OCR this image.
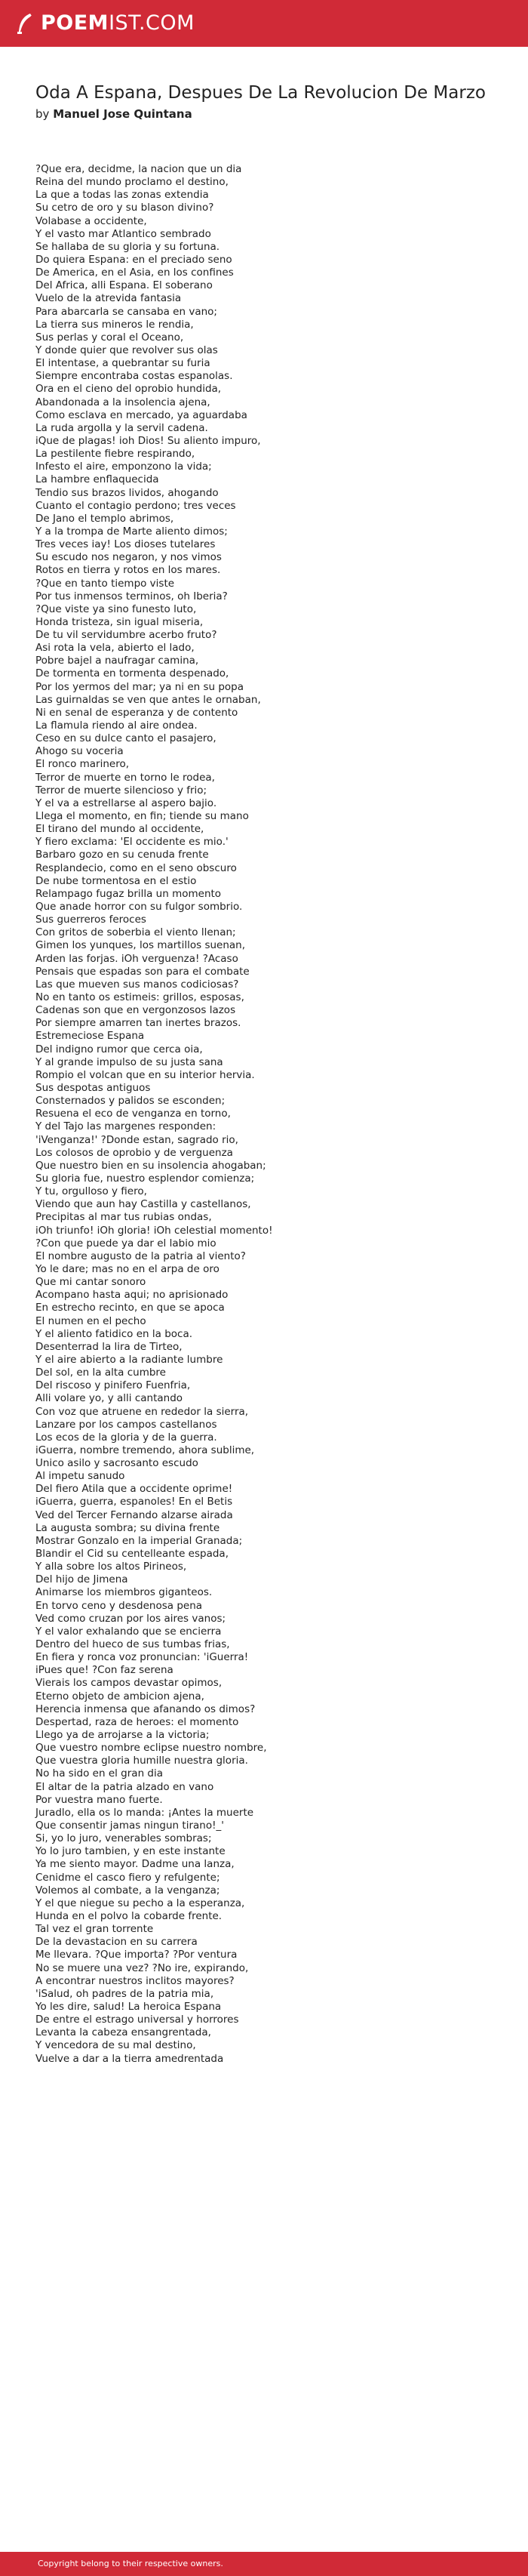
POEMIST.COM
Oda A Espana, Despues De La Revolucion De Marzo

by Manuel Jose Quintana

?Que era, decidme, la nacion que un dia
Reina del mundo proclamo el destino,
La que a todas las zonas extendia
Su cetro de oro y su blason divino?
Volabase a occidente,
Y el vasto mar Atlantico sembrado
Se hallaba de su gloria y su fortuna.
Do quiera Espana: en el preciado seno
De America, en el Asia, en los confines
Del Africa, alli Espana. El soberano
Vuelo de la atrevida fantasia
Para abarcarla se cansaba en vano;
La tierra sus mineros le rendia,
Sus perlas y coral el Oceano,
Y donde quier que revolver sus olas
El intentase, a quebrantar su furia
Siempre encontraba costas espanolas.
Ora en el cieno del oprobio hundida,
Abandonada a la insolencia ajena,
Como esclava en mercado, ya aguardaba
La ruda argolla y la servil cadena.
iQue de plagas! ioh Dios! Su aliento impuro,
La pestilente fiebre respirando,
Infesto el aire, emponzono la vida;
La hambre enflaquecida
Tendio sus brazos lividos, ahogando
Cuanto el contagio perdono; tres veces
De Jano el templo abrimos,
Y a la trompa de Marte aliento dimos;
Tres veces iay! Los dioses tutelares
Su escudo nos negaron, y nos vimos
Rotos en tierra y rotos en los mares.
?Que en tanto tiempo viste
Por tus inmensos terminos, oh Iberia?
?Que viste ya sino funesto luto,
Honda tristeza, sin igual miseria,
De tu vil servidumbre acerbo fruto?
Asi rota la vela, abierto el lado,
Pobre bajel a naufragar camina,
De tormenta en tormenta despenado,
Por los yermos del mar; ya ni en su popa
Las guirnaldas se ven que antes le ornaban,
Ni en senal de esperanza y de contento
La flamula riendo al aire ondea.
Ceso en su dulce canto el pasajero,
Ahogo su voceria
El ronco marinero,
Terror de muerte en torno le rodea,
Terror de muerte silencioso y frio;
Y el va a estrellarse al aspero bajio.
Llega el momento, en fin; tiende su mano
El tirano del mundo al occidente,
Y fiero exclama: 'El occidente es mio.'
Barbaro gozo en su cenuda frente
Resplandecio, como en el seno obscuro
De nube tormentosa en el estio
Relampago fugaz brilla un momento
Que anade horror con su fulgor sombrio.
Sus guerreros feroces
Con gritos de soberbia el viento llenan;
Gimen los yunques, los martillos suenan,
Arden las forjas. iOh verguenza! ?Acaso
Pensais que espadas son para el combate
Las que mueven sus manos codiciosas?
No en tanto os estimeis: grillos, esposas,
Cadenas son que en vergonzosos lazos
Por siempre amarren tan inertes brazos.
Estremeciose Espana
Del indigno rumor que cerca oia,
Y al grande impulso de su justa sana
Rompio el volcan que en su interior hervia.
Sus despotas antiguos
Consternados y palidos se esconden;
Resuena el eco de venganza en torno,
Y del Tajo las margenes responden:
'iVenganza!' ?Donde estan, sagrado rio,
Los colosos de oprobio y de verguenza
Que nuestro bien en su insolencia ahogaban;
Su gloria fue, nuestro esplendor comienza;
Y tu, orgulloso y fiero,
Viendo que aun hay Castilla y castellanos,
Precipitas al mar tus rubias ondas,
iOh triunfo! iOh gloria! iOh celestial momento!
?Con que puede ya dar el labio mio
El nombre augusto de la patria al viento?
Yo le dare; mas no en el arpa de oro
Que mi cantar sonoro
Acompano hasta aqui; no aprisionado
En estrecho recinto, en que se apoca
El numen en el pecho
Y el aliento fatidico en la boca.
Desenterrad la lira de Tirteo,
Y el aire abierto a la radiante lumbre
Del sol, en la alta cumbre
Del riscoso y pinifero Fuenfria,
Alli volare yo, y alli cantando
Con voz que atruene en rededor la sierra,
Lanzare por los campos castellanos
Los ecos de la gloria y de la guerra.
iGuerra, nombre tremendo, ahora sublime,
Unico asilo y sacrosanto escudo
Al impetu sanudo
Del fiero Atila que a occidente oprime!
iGuerra, guerra, espanoles! En el Betis
Ved del Tercer Fernando alzarse airada
La augusta sombra; su divina frente
Mostrar Gonzalo en la imperial Granada;
Blandir el Cid su centelleante espada,
Y alla sobre los altos Pirineos,
Del hijo de Jimena
Animarse los miembros giganteos.
En torvo ceno y desdenosa pena
Ved como cruzan por los aires vanos;
Y el valor exhalando que se encierra
Dentro del hueco de sus tumbas frias,
En fiera y ronca voz pronuncian: 'iGuerra!
iPues que! ?Con faz serena
Vierais los campos devastar opimos,
Eterno objeto de ambicion ajena,
Herencia inmensa que afanando os dimos?
Despertad, raza de heroes: el momento
Llego ya de arrojarse a la victoria;
Que vuestro nombre eclipse nuestro nombre,
Que vuestra gloria humille nuestra gloria.
No ha sido en el gran dia
El altar de la patria alzado en vano
Por vuestra mano fuerte.
Juradlo, ella os lo manda: ¡Antes la muerte
Que consentir jamas ningun tirano!_'
Si, yo lo juro, venerables sombras;
Yo lo juro tambien, y en este instante
Ya me siento mayor. Dadme una lanza,
Cenidme el casco fiero y refulgente;
Volemos al combate, a la venganza;
Y el que niegue su pecho a la esperanza,
Hunda en el polvo la cobarde frente.
Tal vez el gran torrente
De la devastacion en su carrera
Me llevara. ?Que importa? ?Por ventura
No se muere una vez? ?No ire, expirando,
A encontrar nuestros inclitos mayores?
'iSalud, oh padres de la patria mia,
Yo les dire, salud! La heroica Espana
De entre el estrago universal y horrores
Levanta la cabeza ensangrentada,
Y vencedora de su mal destino,
Vuelve a dar a la tierra amedrentada
Copyright belong to their respective owners.
